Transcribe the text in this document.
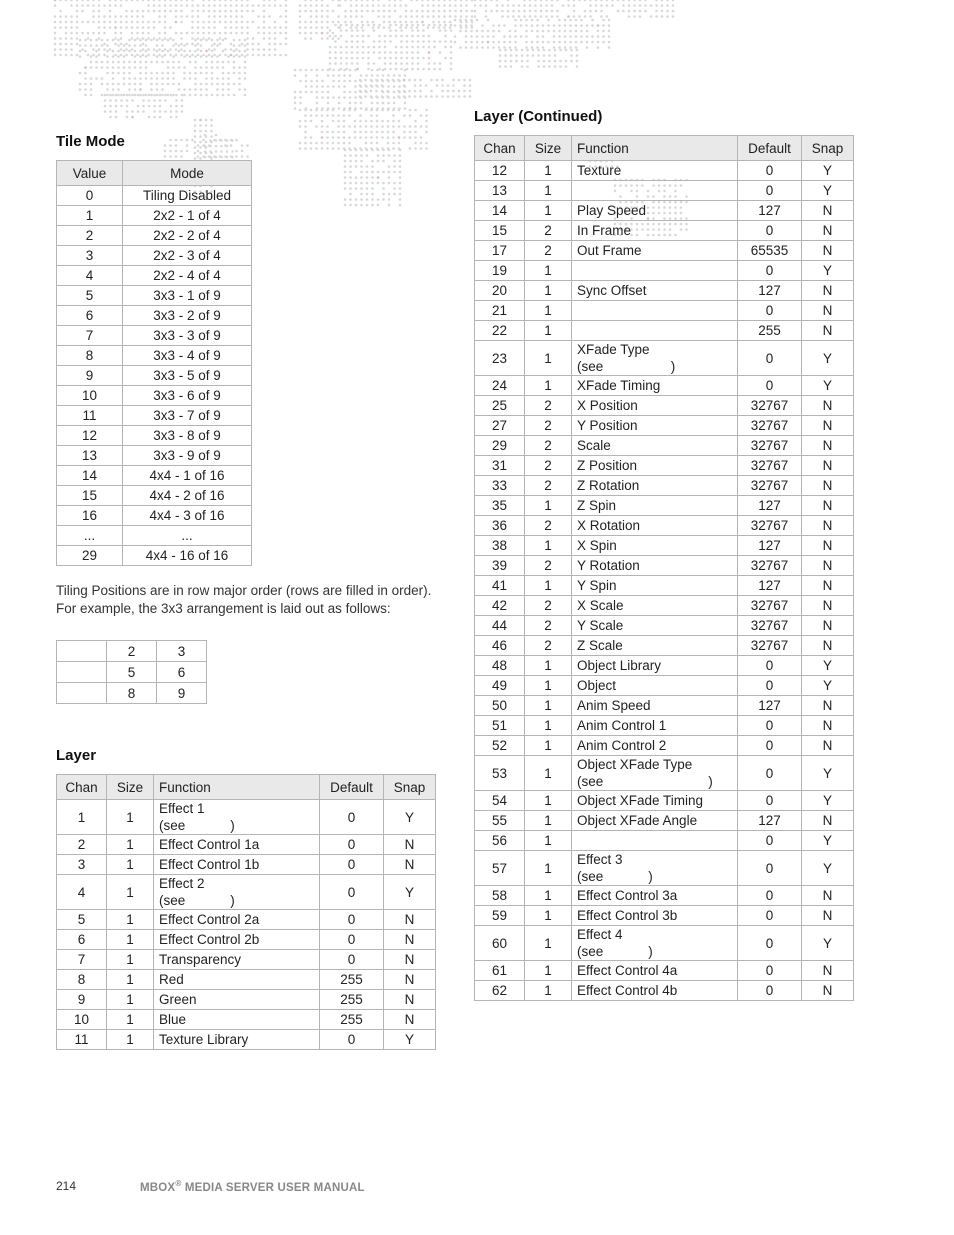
Tile Mode
Value	Mode
0	Tiling Disabled
1	2x2 - 1 of 4
2	2x2 - 2 of 4
3	2x2 - 3 of 4
4	2x2 - 4 of 4
5	3x3 - 1 of 9
6	3x3 - 2 of 9
7	3x3 - 3 of 9
8	3x3 - 4 of 9
9	3x3 - 5 of 9
10	3x3 - 6 of 9
11	3x3 - 7 of 9
12	3x3 - 8 of 9
13	3x3 - 9 of 9
14	4x4 - 1 of 16
15	4x4 - 2 of 16
16	4x4 - 3 of 16
...	...
29	4x4 - 16 of 16

Tiling Positions are in row major order (rows are filled in order).
For example, the 3x3 arrangement is laid out as follows:

	2	3
	5	6
	8	9
Layer
Chan	Size	Function	Default	Snap
1	1	Effect 1
(see            )	0	Y
2	1	Effect Control 1a	0	N
3	1	Effect Control 1b	0	N
4	1	Effect 2
(see            )	0	Y
5	1	Effect Control 2a	0	N
6	1	Effect Control 2b	0	N
7	1	Transparency	0	N
8	1	Red	255	N
9	1	Green	255	N
10	1	Blue	255	N
11	1	Texture Library	0	Y
Layer (Continued)
Chan	Size	Function	Default	Snap
12	1	Texture	0	Y
13	1		0	Y
14	1	Play Speed	127	N
15	2	In Frame	0	N
17	2	Out Frame	65535	N
19	1		0	Y
20	1	Sync Offset	127	N
21	1		0	N
22	1		255	N
23	1	XFade Type
(see                  )	0	Y
24	1	XFade Timing	0	Y
25	2	X Position	32767	N
27	2	Y Position	32767	N
29	2	Scale	32767	N
31	2	Z Position	32767	N
33	2	Z Rotation	32767	N
35	1	Z Spin	127	N
36	2	X Rotation	32767	N
38	1	X Spin	127	N
39	2	Y Rotation	32767	N
41	1	Y Spin	127	N
42	2	X Scale	32767	N
44	2	Y Scale	32767	N
46	2	Z Scale	32767	N
48	1	Object Library	0	Y
49	1	Object	0	Y
50	1	Anim Speed	127	N
51	1	Anim Control 1	0	N
52	1	Anim Control 2	0	N
53	1	Object XFade Type
(see                            )	0	Y
54	1	Object XFade Timing	0	Y
55	1	Object XFade Angle	127	N
56	1		0	Y
57	1	Effect 3
(see            )	0	Y
58	1	Effect Control 3a	0	N
59	1	Effect Control 3b	0	N
60	1	Effect 4
(see            )	0	Y
61	1	Effect Control 4a	0	N
62	1	Effect Control 4b	0	N
214	MBOX® MEDIA SERVER USER MANUAL
